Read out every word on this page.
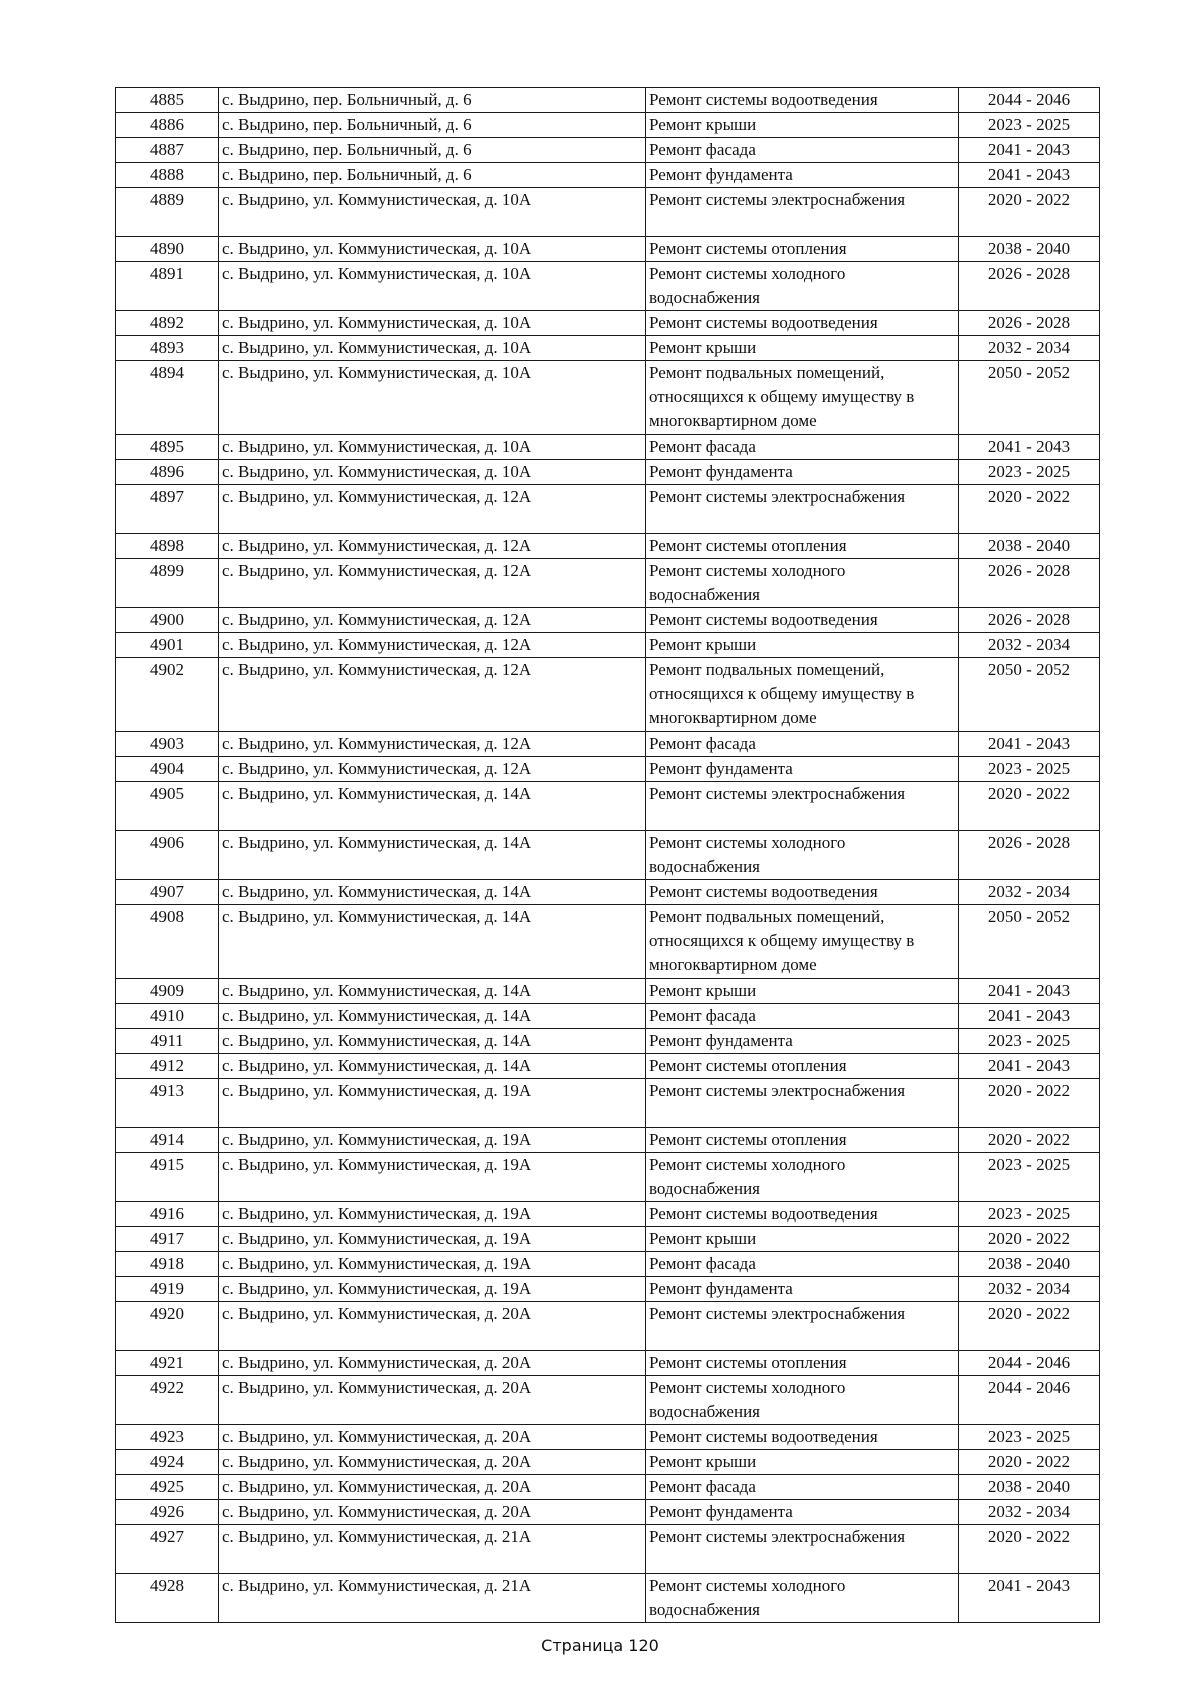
4885	с. Выдрино, пер. Больничный, д. 6	Ремонт системы водоотведения	2044 - 2046
4886	с. Выдрино, пер. Больничный, д. 6	Ремонт крыши	2023 - 2025
4887	с. Выдрино, пер. Больничный, д. 6	Ремонт фасада	2041 - 2043
4888	с. Выдрино, пер. Больничный, д. 6	Ремонт фундамента	2041 - 2043
4889	с. Выдрино, ул. Коммунистическая, д. 10А	Ремонт системы электроснабжения	2020 - 2022
4890	с. Выдрино, ул. Коммунистическая, д. 10А	Ремонт системы отопления	2038 - 2040
4891	с. Выдрино, ул. Коммунистическая, д. 10А	Ремонт системы холодного водоснабжения	2026 - 2028
4892	с. Выдрино, ул. Коммунистическая, д. 10А	Ремонт системы водоотведения	2026 - 2028
4893	с. Выдрино, ул. Коммунистическая, д. 10А	Ремонт крыши	2032 - 2034
4894	с. Выдрино, ул. Коммунистическая, д. 10А	Ремонт подвальных помещений, относящихся к общему имуществу в многоквартирном доме	2050 - 2052
4895	с. Выдрино, ул. Коммунистическая, д. 10А	Ремонт фасада	2041 - 2043
4896	с. Выдрино, ул. Коммунистическая, д. 10А	Ремонт фундамента	2023 - 2025
4897	с. Выдрино, ул. Коммунистическая, д. 12А	Ремонт системы электроснабжения	2020 - 2022
4898	с. Выдрино, ул. Коммунистическая, д. 12А	Ремонт системы отопления	2038 - 2040
4899	с. Выдрино, ул. Коммунистическая, д. 12А	Ремонт системы холодного водоснабжения	2026 - 2028
4900	с. Выдрино, ул. Коммунистическая, д. 12А	Ремонт системы водоотведения	2026 - 2028
4901	с. Выдрино, ул. Коммунистическая, д. 12А	Ремонт крыши	2032 - 2034
4902	с. Выдрино, ул. Коммунистическая, д. 12А	Ремонт подвальных помещений, относящихся к общему имуществу в многоквартирном доме	2050 - 2052
4903	с. Выдрино, ул. Коммунистическая, д. 12А	Ремонт фасада	2041 - 2043
4904	с. Выдрино, ул. Коммунистическая, д. 12А	Ремонт фундамента	2023 - 2025
4905	с. Выдрино, ул. Коммунистическая, д. 14А	Ремонт системы электроснабжения	2020 - 2022
4906	с. Выдрино, ул. Коммунистическая, д. 14А	Ремонт системы холодного водоснабжения	2026 - 2028
4907	с. Выдрино, ул. Коммунистическая, д. 14А	Ремонт системы водоотведения	2032 - 2034
4908	с. Выдрино, ул. Коммунистическая, д. 14А	Ремонт подвальных помещений, относящихся к общему имуществу в многоквартирном доме	2050 - 2052
4909	с. Выдрино, ул. Коммунистическая, д. 14А	Ремонт крыши	2041 - 2043
4910	с. Выдрино, ул. Коммунистическая, д. 14А	Ремонт фасада	2041 - 2043
4911	с. Выдрино, ул. Коммунистическая, д. 14А	Ремонт фундамента	2023 - 2025
4912	с. Выдрино, ул. Коммунистическая, д. 14А	Ремонт системы отопления	2041 - 2043
4913	с. Выдрино, ул. Коммунистическая, д. 19А	Ремонт системы электроснабжения	2020 - 2022
4914	с. Выдрино, ул. Коммунистическая, д. 19А	Ремонт системы отопления	2020 - 2022
4915	с. Выдрино, ул. Коммунистическая, д. 19А	Ремонт системы холодного водоснабжения	2023 - 2025
4916	с. Выдрино, ул. Коммунистическая, д. 19А	Ремонт системы водоотведения	2023 - 2025
4917	с. Выдрино, ул. Коммунистическая, д. 19А	Ремонт крыши	2020 - 2022
4918	с. Выдрино, ул. Коммунистическая, д. 19А	Ремонт фасада	2038 - 2040
4919	с. Выдрино, ул. Коммунистическая, д. 19А	Ремонт фундамента	2032 - 2034
4920	с. Выдрино, ул. Коммунистическая, д. 20А	Ремонт системы электроснабжения	2020 - 2022
4921	с. Выдрино, ул. Коммунистическая, д. 20А	Ремонт системы отопления	2044 - 2046
4922	с. Выдрино, ул. Коммунистическая, д. 20А	Ремонт системы холодного водоснабжения	2044 - 2046
4923	с. Выдрино, ул. Коммунистическая, д. 20А	Ремонт системы водоотведения	2023 - 2025
4924	с. Выдрино, ул. Коммунистическая, д. 20А	Ремонт крыши	2020 - 2022
4925	с. Выдрино, ул. Коммунистическая, д. 20А	Ремонт фасада	2038 - 2040
4926	с. Выдрино, ул. Коммунистическая, д. 20А	Ремонт фундамента	2032 - 2034
4927	с. Выдрино, ул. Коммунистическая, д. 21А	Ремонт системы электроснабжения	2020 - 2022
4928	с. Выдрино, ул. Коммунистическая, д. 21А	Ремонт системы холодного водоснабжения	2041 - 2043
Страница 120
